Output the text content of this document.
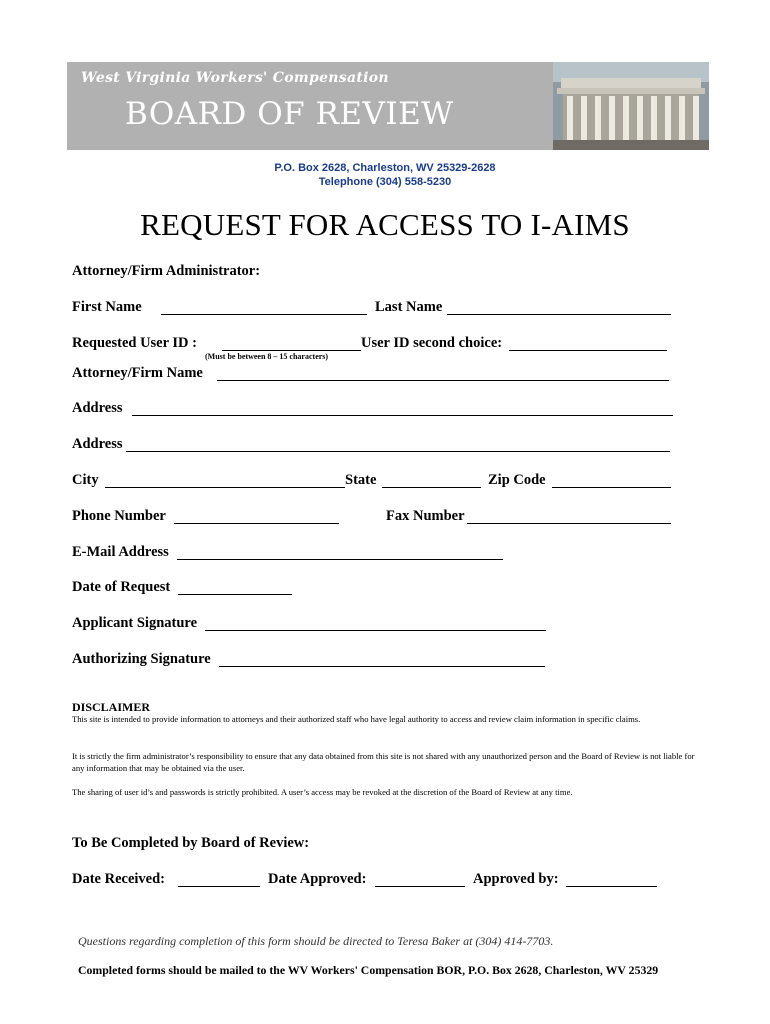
West Virginia Workers' Compensation
BOARD OF REVIEW
P.O. Box 2628, Charleston, WV 25329-2628
Telephone (304) 558-5230
REQUEST FOR ACCESS TO I-AIMS
Attorney/Firm Administrator:
First Name	Last Name
Requested User ID :	User ID second choice:
(Must be between 8 – 15 characters)
Attorney/Firm Name
Address
Address
City	State	Zip Code
Phone Number	Fax Number
E-Mail Address
Date of Request
Applicant Signature
Authorizing Signature
DISCLAIMER
This site is intended to provide information to attorneys and their authorized staff who have legal authority to access and review claim information in specific claims.
It is strictly the firm administrator’s responsibility to ensure that any data obtained from this site is not shared with any unauthorized person and the Board of Review is not liable for any information that may be obtained via the user.
The sharing of user id’s and passwords is strictly prohibited. A user’s access may be revoked at the discretion of the Board of Review at any time.
To Be Completed by Board of Review:
Date Received:	Date Approved:	Approved by:
Questions regarding completion of this form should be directed to Teresa Baker at (304) 414-7703.
Completed forms should be mailed to the WV Workers' Compensation BOR, P.O. Box 2628, Charleston, WV 25329
